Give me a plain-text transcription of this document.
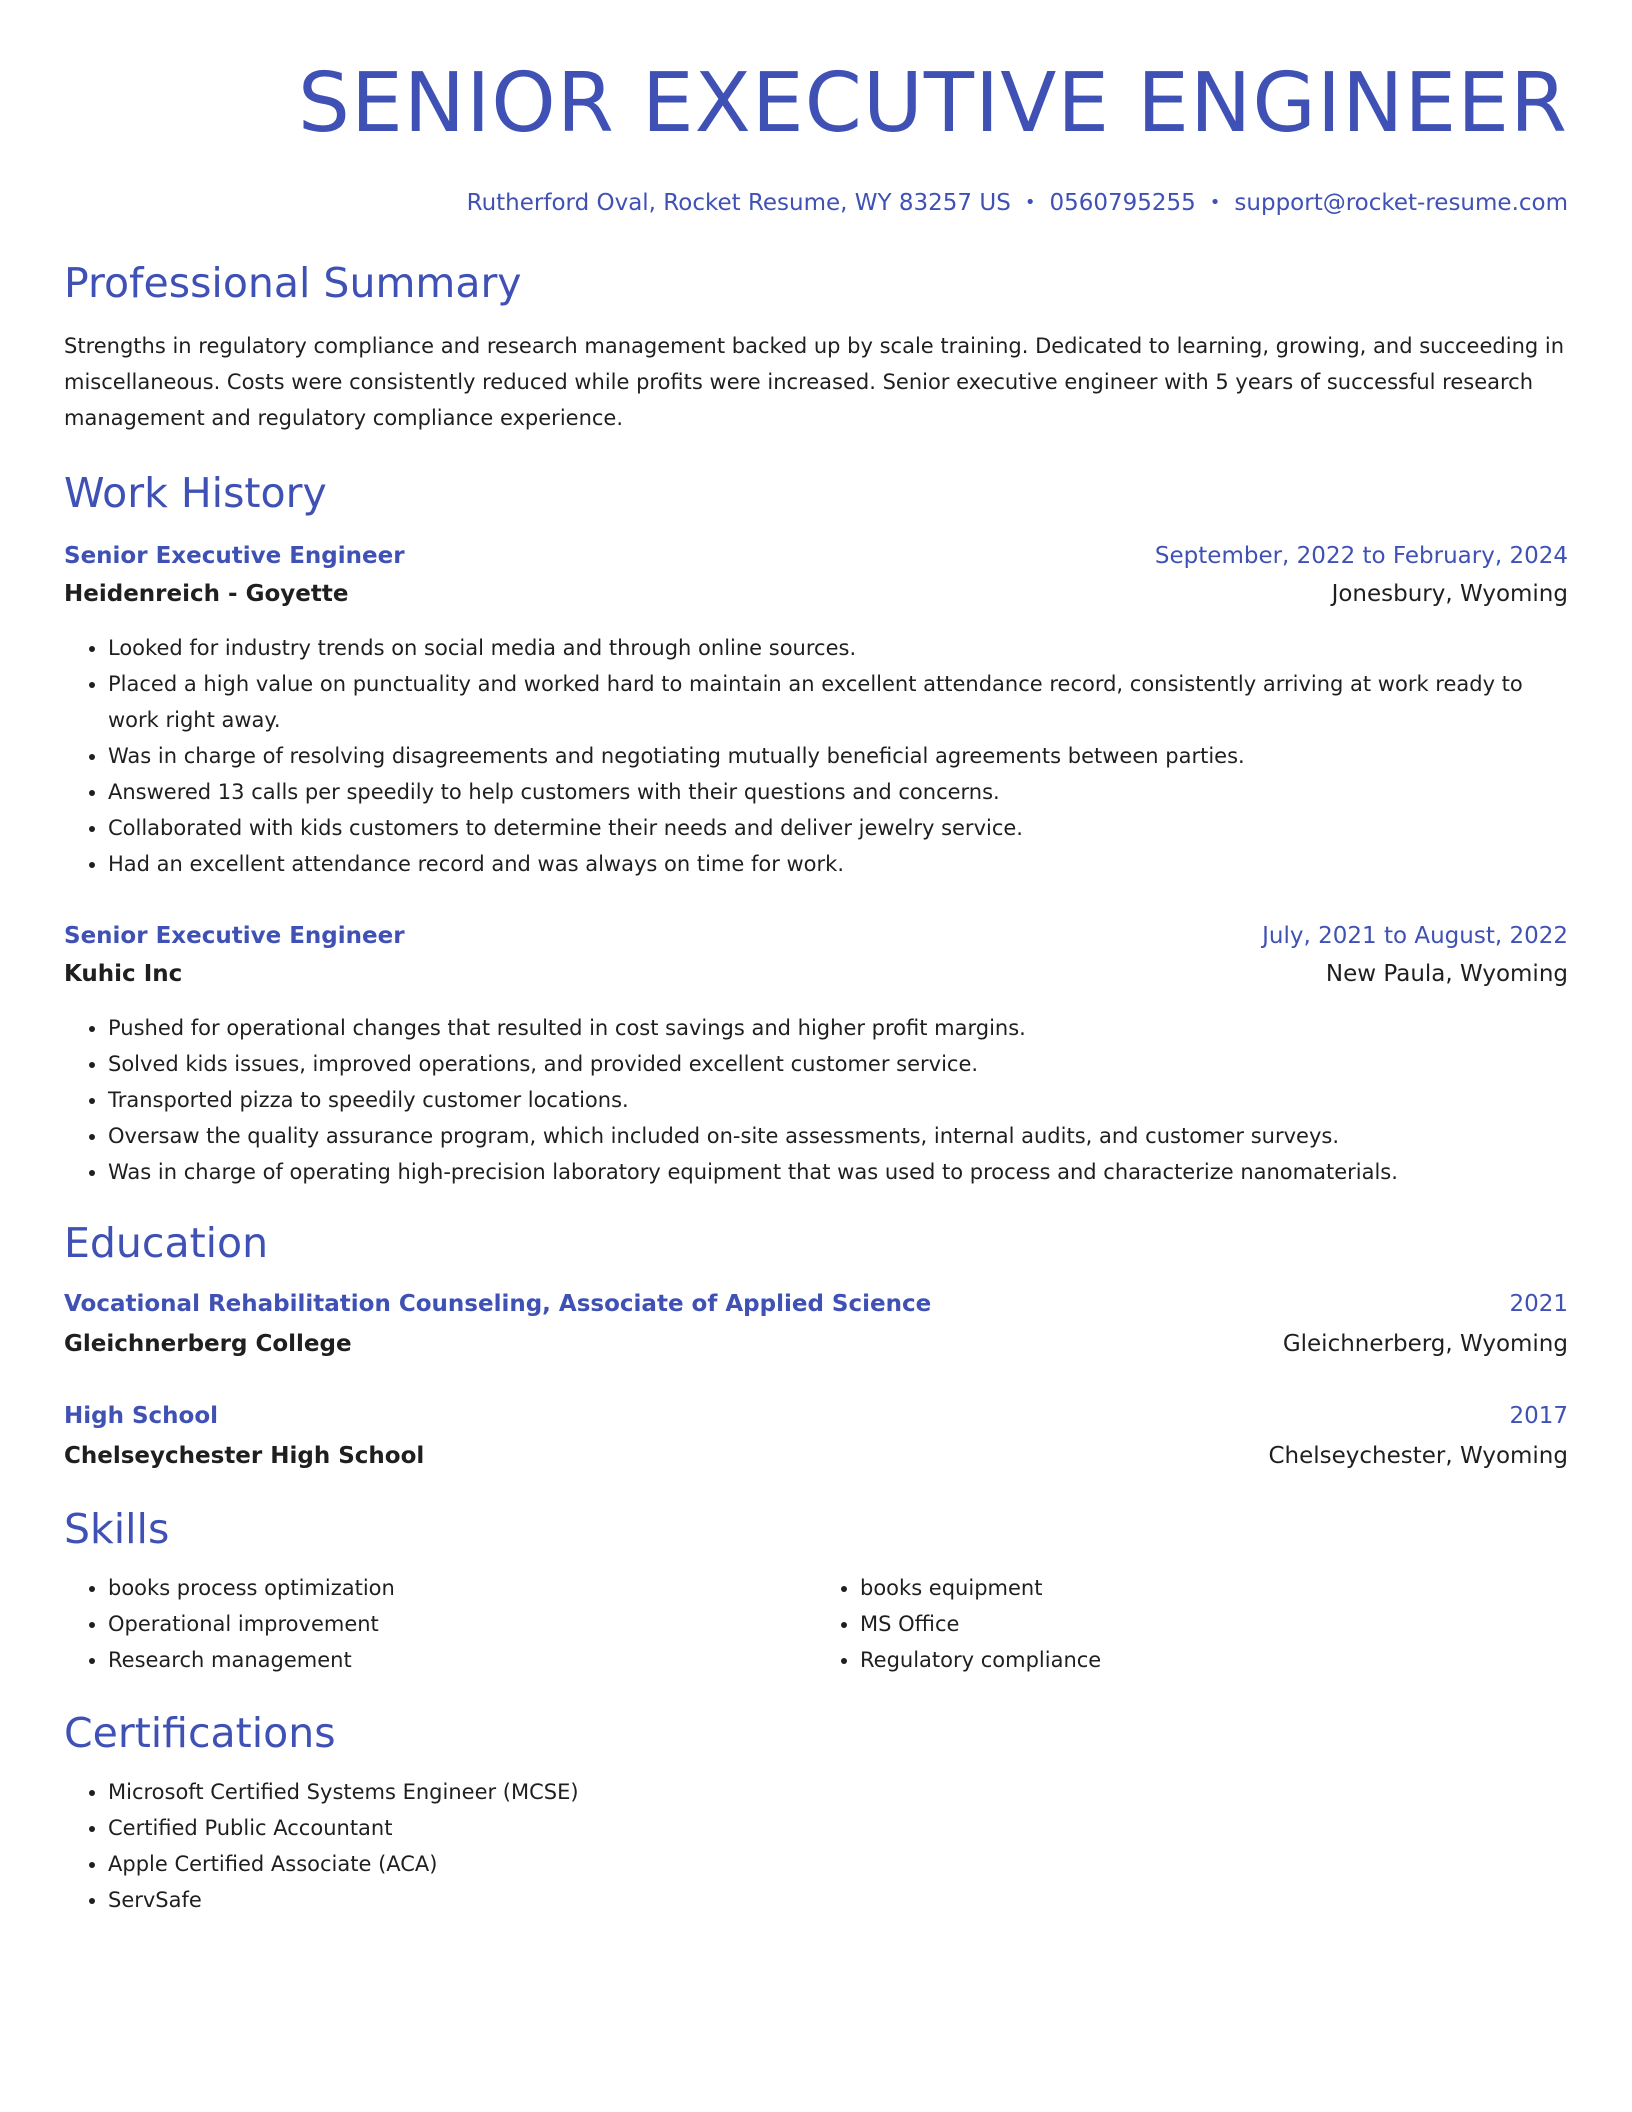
SENIOR EXECUTIVE ENGINEER
Rutherford Oval, Rocket Resume, WY 83257 US • 0560795255 • support@rocket-resume.com
Professional Summary
Strengths in regulatory compliance and research management backed up by scale training. Dedicated to learning, growing, and succeeding in miscellaneous. Costs were consistently reduced while profits were increased. Senior executive engineer with 5 years of successful research management and regulatory compliance experience.
Work History
Senior Executive Engineer	September, 2022 to February, 2024
Heidenreich - Goyette	Jonesbury, Wyoming
• Looked for industry trends on social media and through online sources.
• Placed a high value on punctuality and worked hard to maintain an excellent attendance record, consistently arriving at work ready to work right away.
• Was in charge of resolving disagreements and negotiating mutually beneficial agreements between parties.
• Answered 13 calls per speedily to help customers with their questions and concerns.
• Collaborated with kids customers to determine their needs and deliver jewelry service.
• Had an excellent attendance record and was always on time for work.
Senior Executive Engineer	July, 2021 to August, 2022
Kuhic Inc	New Paula, Wyoming
• Pushed for operational changes that resulted in cost savings and higher profit margins.
• Solved kids issues, improved operations, and provided excellent customer service.
• Transported pizza to speedily customer locations.
• Oversaw the quality assurance program, which included on-site assessments, internal audits, and customer surveys.
• Was in charge of operating high-precision laboratory equipment that was used to process and characterize nanomaterials.
Education
Vocational Rehabilitation Counseling, Associate of Applied Science	2021
Gleichnerberg College	Gleichnerberg, Wyoming
High School	2017
Chelseychester High School	Chelseychester, Wyoming
Skills
• books process optimization
• Operational improvement
• Research management
• books equipment
• MS Office
• Regulatory compliance
Certifications
• Microsoft Certified Systems Engineer (MCSE)
• Certified Public Accountant
• Apple Certified Associate (ACA)
• ServSafe
